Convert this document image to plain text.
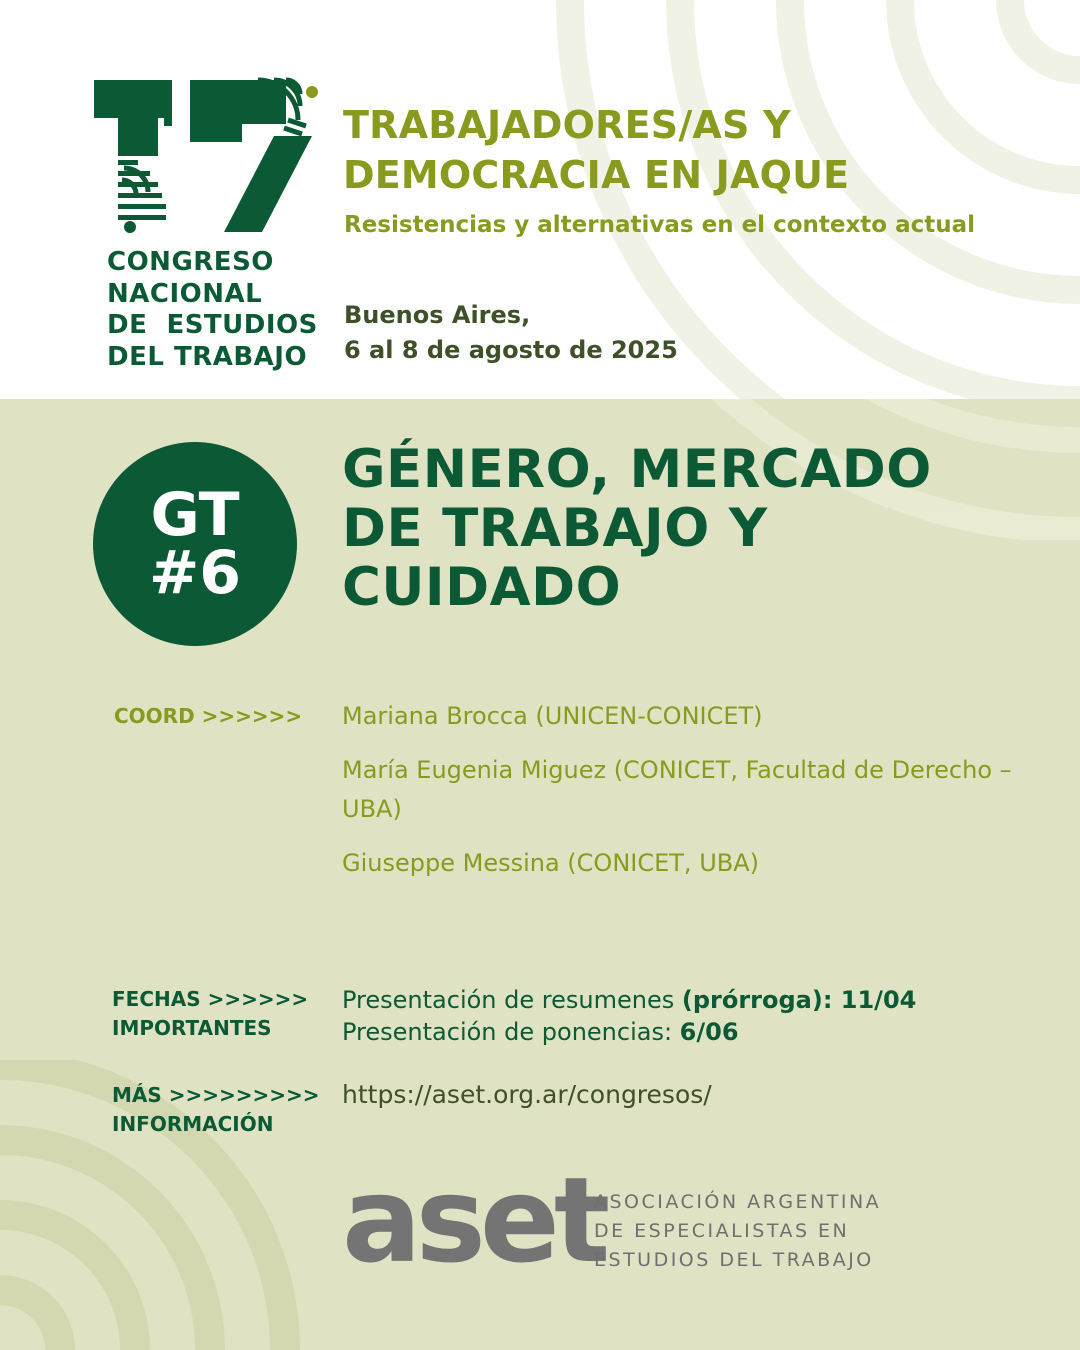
CONGRESO
NACIONAL
DE  ESTUDIOS
DEL TRABAJO
TRABAJADORES/AS Y
DEMOCRACIA EN JAQUE
Resistencias y alternativas en el contexto actual
Buenos Aires,
6 al 8 de agosto de 2025
GT
#6
GÉNERO, MERCADO
DE TRABAJO Y
CUIDADO
COORD >>>>>> Mariana Brocca (UNICEN-CONICET)
María Eugenia Miguez (CONICET, Facultad de Derecho – UBA)
Giuseppe Messina (CONICET, UBA)
FECHAS >>>>>>
IMPORTANTES
Presentación de resumenes (prórroga): 11/04
Presentación de ponencias: 6/06
MÁS >>>>>>>>>
INFORMACIÓN
https://aset.org.ar/congresos/
aset
ASOCIACIÓN ARGENTINA
DE ESPECIALISTAS EN
ESTUDIOS DEL TRABAJO
